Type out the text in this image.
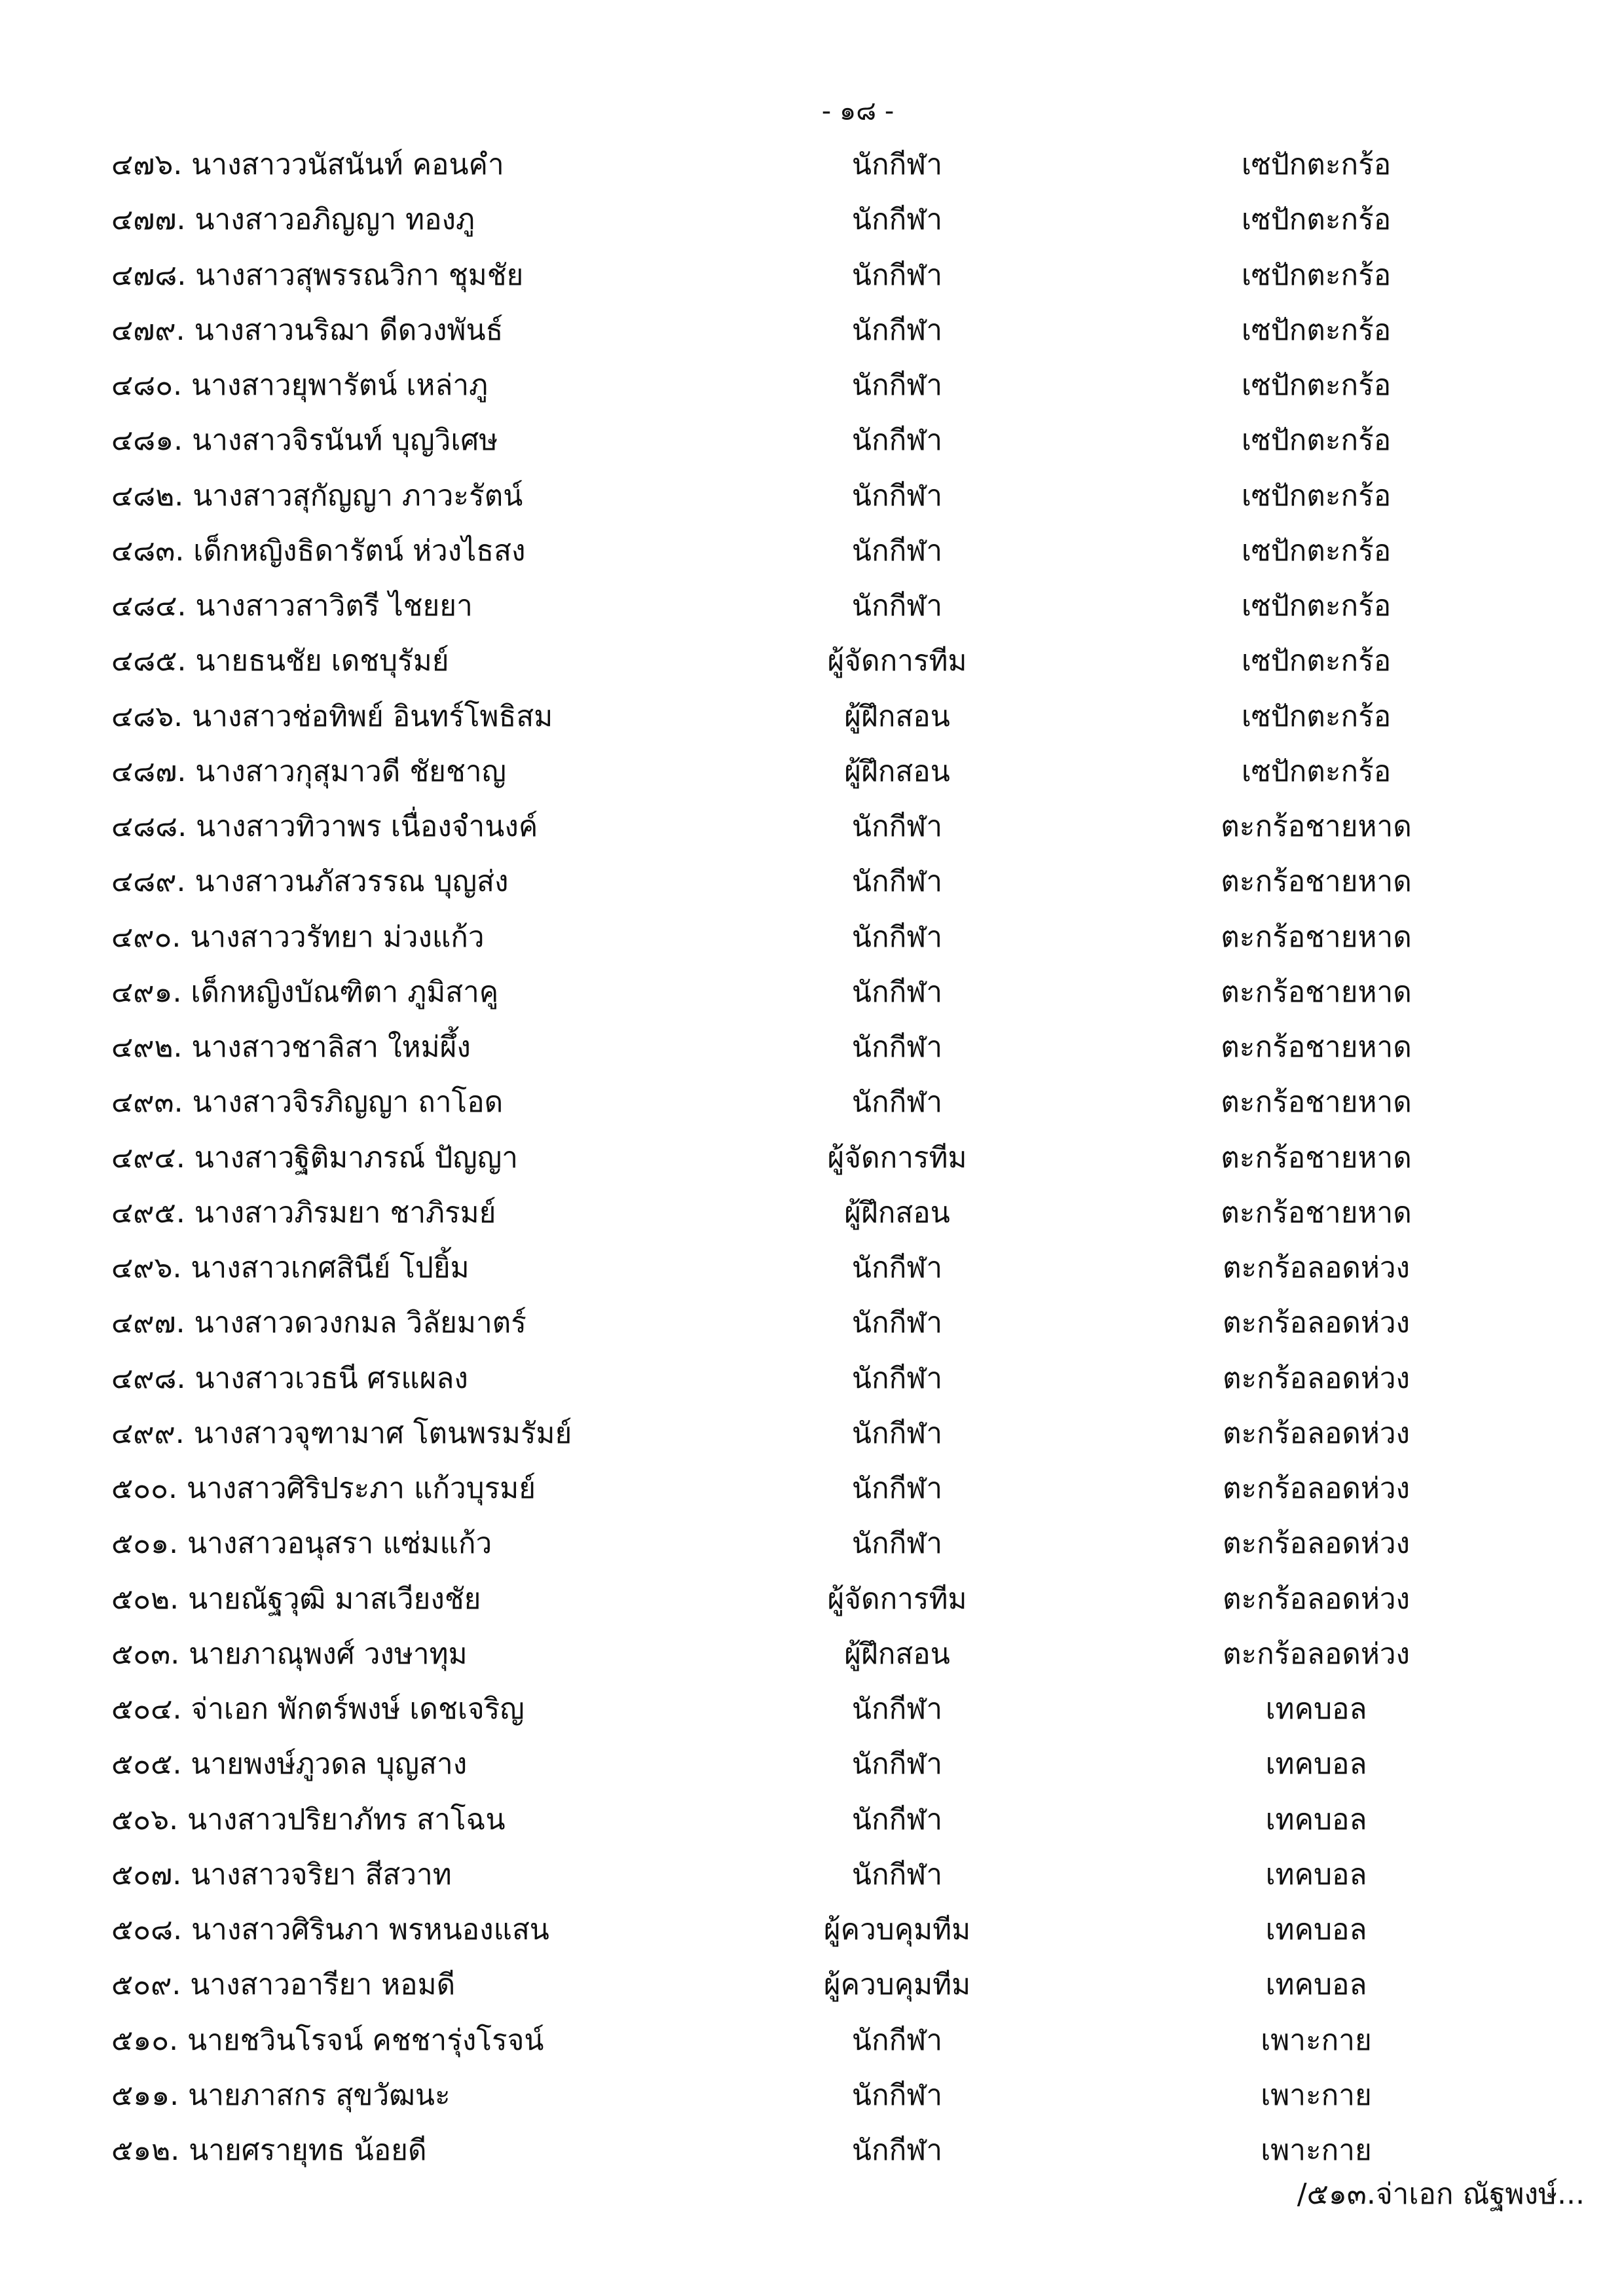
- ๑๘ -
๔๗๖. นางสาววนัสนันท์ คอนคำ	นักกีฬา	เซปักตะกร้อ
๔๗๗. นางสาวอภิญญา ทองภู	นักกีฬา	เซปักตะกร้อ
๔๗๘. นางสาวสุพรรณวิกา ชุมชัย	นักกีฬา	เซปักตะกร้อ
๔๗๙. นางสาวนริฌา ดีดวงพันธ์	นักกีฬา	เซปักตะกร้อ
๔๘๐. นางสาวยุพารัตน์ เหล่าภู	นักกีฬา	เซปักตะกร้อ
๔๘๑. นางสาวจิรนันท์ บุญวิเศษ	นักกีฬา	เซปักตะกร้อ
๔๘๒. นางสาวสุกัญญา ภาวะรัตน์	นักกีฬา	เซปักตะกร้อ
๔๘๓. เด็กหญิงธิดารัตน์ ห่วงไธสง	นักกีฬา	เซปักตะกร้อ
๔๘๔. นางสาวสาวิตรี ไชยยา	นักกีฬา	เซปักตะกร้อ
๔๘๕. นายธนชัย เดชบุรัมย์	ผู้จัดการทีม	เซปักตะกร้อ
๔๘๖. นางสาวช่อทิพย์ อินทร์โพธิสม	ผู้ฝึกสอน	เซปักตะกร้อ
๔๘๗. นางสาวกุสุมาวดี ชัยชาญ	ผู้ฝึกสอน	เซปักตะกร้อ
๔๘๘. นางสาวทิวาพร เนื่องจำนงค์	นักกีฬา	ตะกร้อชายหาด
๔๘๙. นางสาวนภัสวรรณ บุญส่ง	นักกีฬา	ตะกร้อชายหาด
๔๙๐. นางสาววรัทยา ม่วงแก้ว	นักกีฬา	ตะกร้อชายหาด
๔๙๑. เด็กหญิงบัณฑิตา ภูมิสาคู	นักกีฬา	ตะกร้อชายหาด
๔๙๒. นางสาวชาลิสา ใหม่ผึ้ง	นักกีฬา	ตะกร้อชายหาด
๔๙๓. นางสาวจิรภิญญา ถาโอด	นักกีฬา	ตะกร้อชายหาด
๔๙๔. นางสาวฐิติมาภรณ์ ปัญญา	ผู้จัดการทีม	ตะกร้อชายหาด
๔๙๕. นางสาวภิรมยา ชาภิรมย์	ผู้ฝึกสอน	ตะกร้อชายหาด
๔๙๖. นางสาวเกศสินีย์ โปยิ้ม	นักกีฬา	ตะกร้อลอดห่วง
๔๙๗. นางสาวดวงกมล วิลัยมาตร์	นักกีฬา	ตะกร้อลอดห่วง
๔๙๘. นางสาวเวธนี ศรแผลง	นักกีฬา	ตะกร้อลอดห่วง
๔๙๙. นางสาวจุฑามาศ โตนพรมรัมย์	นักกีฬา	ตะกร้อลอดห่วง
๕๐๐. นางสาวศิริประภา แก้วบุรมย์	นักกีฬา	ตะกร้อลอดห่วง
๕๐๑. นางสาวอนุสรา แซ่มแก้ว	นักกีฬา	ตะกร้อลอดห่วง
๕๐๒. นายณัฐวุฒิ มาสเวียงชัย	ผู้จัดการทีม	ตะกร้อลอดห่วง
๕๐๓. นายภาณุพงศ์ วงษาทุม	ผู้ฝึกสอน	ตะกร้อลอดห่วง
๕๐๔. จ่าเอก พักตร์พงษ์ เดชเจริญ	นักกีฬา	เทคบอล
๕๐๕. นายพงษ์ภูวดล บุญสาง	นักกีฬา	เทคบอล
๕๐๖. นางสาวปริยาภัทร สาโฉน	นักกีฬา	เทคบอล
๕๐๗. นางสาวจริยา สีสวาท	นักกีฬา	เทคบอล
๕๐๘. นางสาวศิรินภา พรหนองแสน	ผู้ควบคุมทีม	เทคบอล
๕๐๙. นางสาวอารียา หอมดี	ผู้ควบคุมทีม	เทคบอล
๕๑๐. นายชวินโรจน์ คชชารุ่งโรจน์	นักกีฬา	เพาะกาย
๕๑๑. นายภาสกร สุขวัฒนะ	นักกีฬา	เพาะกาย
๕๑๒. นายศรายุทธ น้อยดี	นักกีฬา	เพาะกาย
/๕๑๓.จ่าเอก ณัฐพงษ์...
